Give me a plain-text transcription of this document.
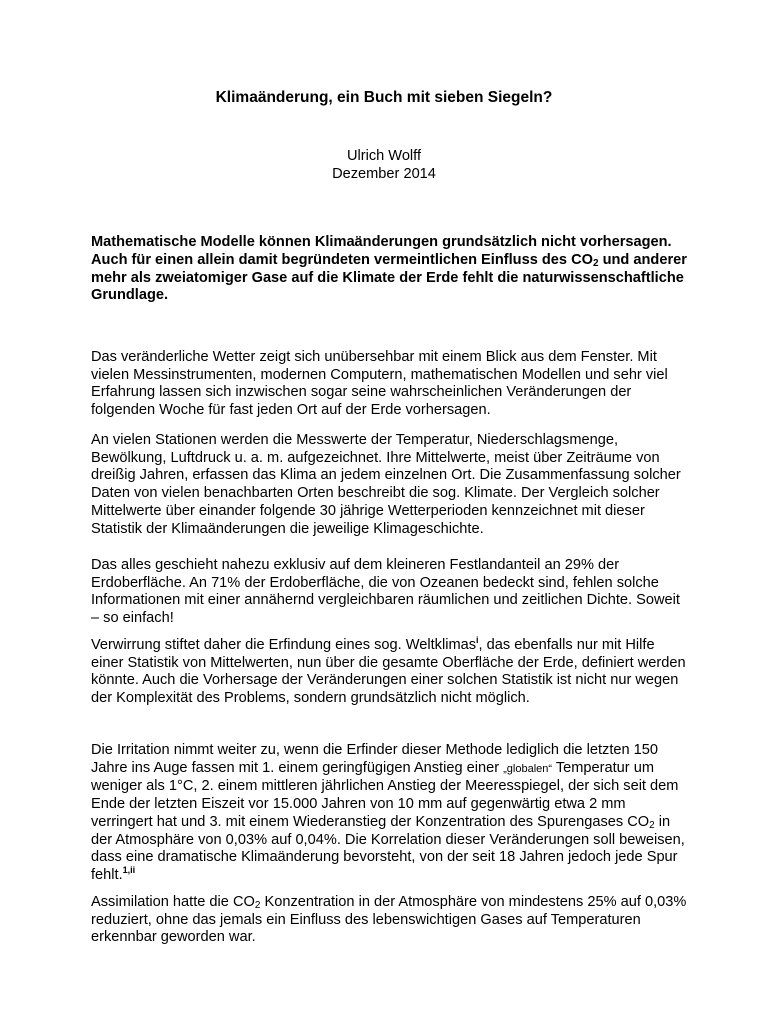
Klimaänderung, ein Buch mit sieben Siegeln?
Ulrich Wolff
Dezember 2014

Mathematische Modelle können Klimaänderungen grundsätzlich nicht vorhersagen. Auch für einen allein damit begründeten vermeintlichen Einfluss des $CO_2$ und anderer mehr als zweiatomiger Gase auf die Klimate der Erde fehlt die naturwissenschaftliche Grundlage.

Das veränderliche Wetter zeigt sich unübersehbar mit einem Blick aus dem Fenster. Mit vielen Messinstrumenten, modernen Computern, mathematischen Modellen und sehr viel Erfahrung lassen sich inzwischen sogar seine wahrscheinlichen Veränderungen der folgenden Woche für fast jeden Ort auf der Erde vorhersagen.

An vielen Stationen werden die Messwerte der Temperatur, Niederschlagsmenge, Bewölkung, Luftdruck u. a. m. aufgezeichnet. Ihre Mittelwerte, meist über Zeiträume von dreißig Jahren, erfassen das Klima an jedem einzelnen Ort. Die Zusammenfassung solcher Daten von vielen benachbarten Orten beschreibt die sog. Klimate. Der Vergleich solcher Mittelwerte über einander folgende 30 jährige Wetterperioden kennzeichnet mit dieser Statistik der Klimaänderungen die jeweilige Klimageschichte.

Das alles geschieht nahezu exklusiv auf dem kleineren Festlandanteil an 29% der Erdoberfläche. An 71% der Erdoberfläche, die von Ozeanen bedeckt sind, fehlen solche Informationen mit einer annähernd vergleichbaren räumlichen und zeitlichen Dichte. Soweit – so einfach!

Verwirrung stiftet daher die Erfindung eines sog. Weltklimas$^i$, das ebenfalls nur mit Hilfe einer Statistik von Mittelwerten, nun über die gesamte Oberfläche der Erde, definiert werden könnte. Auch die Vorhersage der Veränderungen einer solchen Statistik ist nicht nur wegen der Komplexität des Problems, sondern grundsätzlich nicht möglich.

Die Irritation nimmt weiter zu, wenn die Erfinder dieser Methode lediglich die letzten 150 Jahre ins Auge fassen mit 1. einem geringfügigen Anstieg einer „globalen“ Temperatur um weniger als 1°C, 2. einem mittleren jährlichen Anstieg der Meeresspiegel, der sich seit dem Ende der letzten Eiszeit vor 15.000 Jahren von 10 mm auf gegenwärtig etwa 2 mm verringert hat und 3. mit einem Wiederanstieg der Konzentration des Spurengases $CO_2$ in der Atmosphäre von 0,03% auf 0,04%. Die Korrelation dieser Veränderungen soll beweisen, dass eine dramatische Klimaänderung bevorsteht, von der seit 18 Jahren jedoch jede Spur fehlt.$^{1,ii}$

Assimilation hatte die $CO_2$ Konzentration in der Atmosphäre von mindestens 25% auf 0,03% reduziert, ohne das jemals ein Einfluss des lebenswichtigen Gases auf Temperaturen erkennbar geworden war.
